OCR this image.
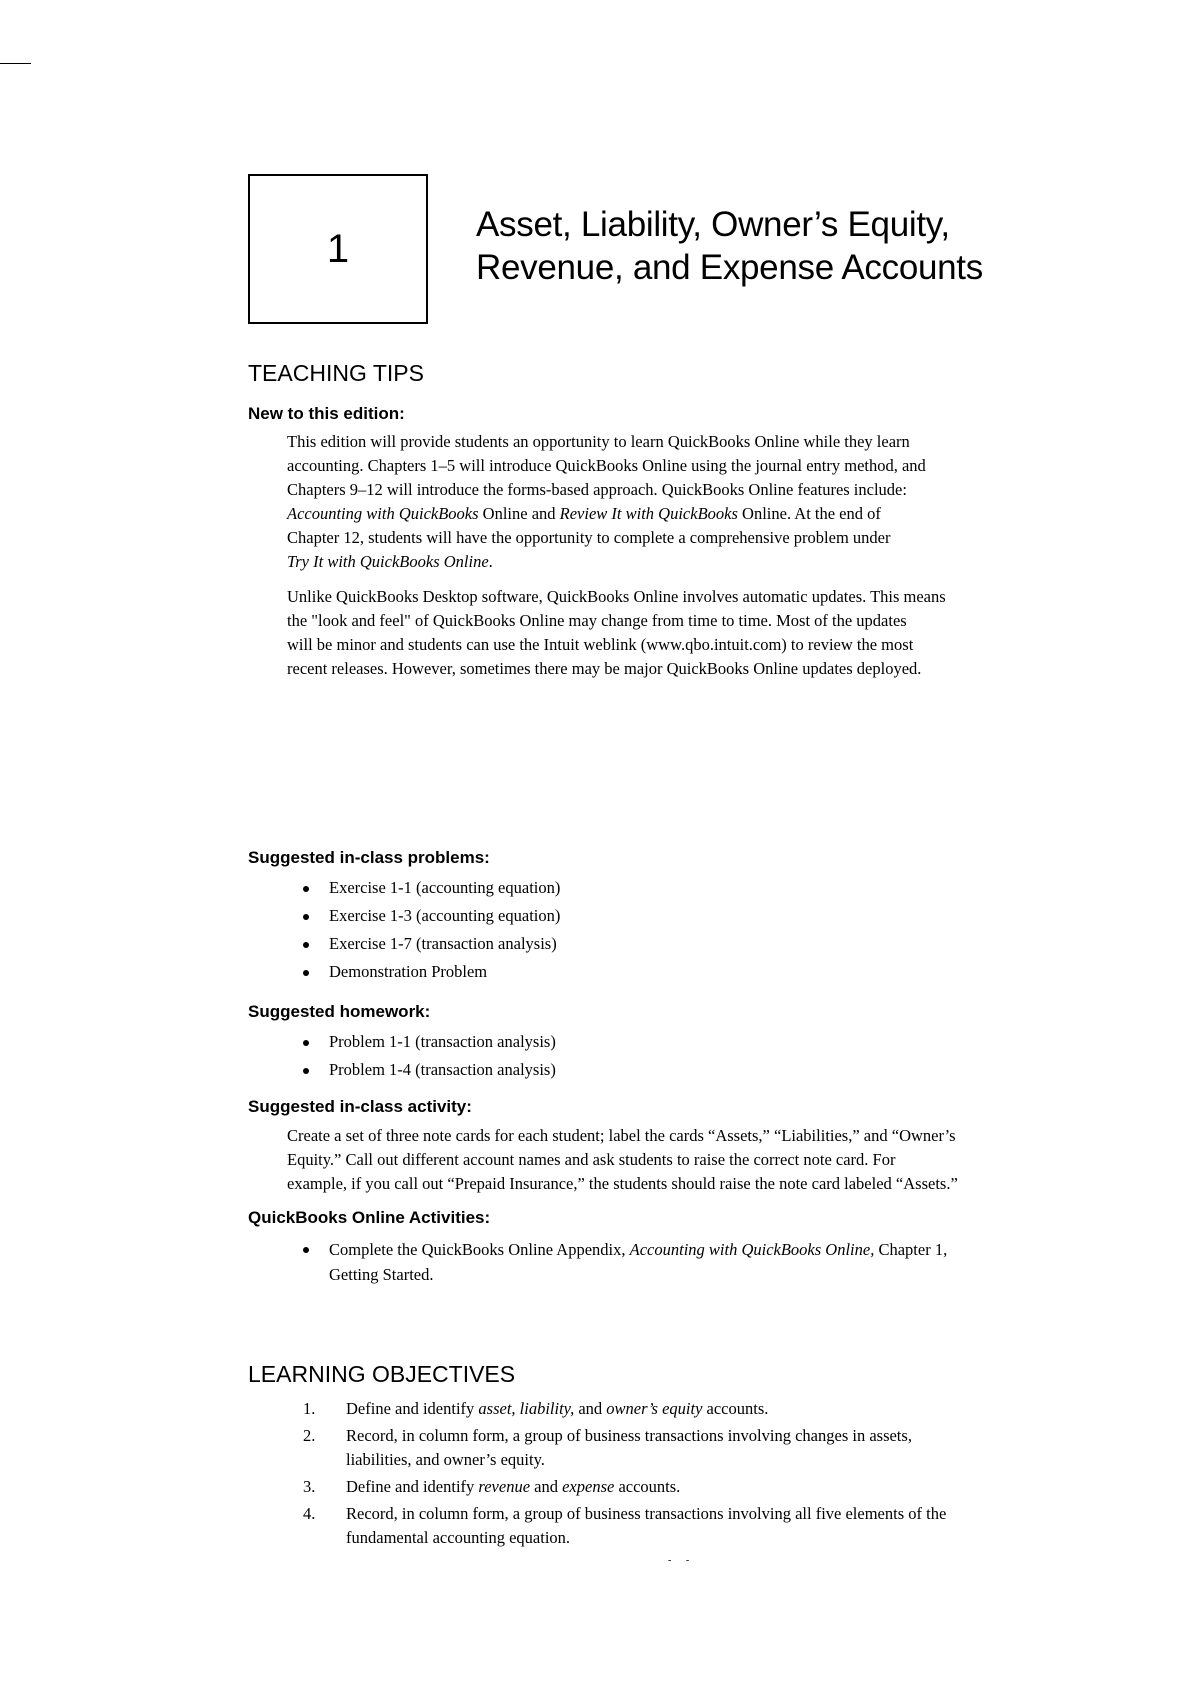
1
Asset, Liability, Owner’s Equity,
Revenue, and Expense Accounts
TEACHING TIPS
New to this edition:
This edition will provide students an opportunity to learn QuickBooks Online while they learn
accounting. Chapters 1–5 will introduce QuickBooks Online using the journal entry method, and
Chapters 9–12 will introduce the forms-based approach. QuickBooks Online features include:
Accounting with QuickBooks Online and Review It with QuickBooks Online. At the end of
Chapter 12, students will have the opportunity to complete a comprehensive problem under
Try It with QuickBooks Online.
Unlike QuickBooks Desktop software, QuickBooks Online involves automatic updates. This means
the "look and feel" of QuickBooks Online may change from time to time. Most of the updates
will be minor and students can use the Intuit weblink (www.qbo.intuit.com) to review the most
recent releases. However, sometimes there may be major QuickBooks Online updates deployed.
Suggested in-class problems:
Exercise 1-1 (accounting equation)
Exercise 1-3 (accounting equation)
Exercise 1-7 (transaction analysis)
Demonstration Problem
Suggested homework:
Problem 1-1 (transaction analysis)
Problem 1-4 (transaction analysis)
Suggested in-class activity:
Create a set of three note cards for each student; label the cards “Assets,” “Liabilities,” and “Owner’s
Equity.” Call out different account names and ask students to raise the correct note card. For
example, if you call out “Prepaid Insurance,” the students should raise the note card labeled “Assets.”
QuickBooks Online Activities:
Complete the QuickBooks Online Appendix, Accounting with QuickBooks Online, Chapter 1,
Getting Started.
LEARNING OBJECTIVES
1. Define and identify asset, liability, and owner’s equity accounts.
2. Record, in column form, a group of business transactions involving changes in assets,
liabilities, and owner’s equity.
3. Define and identify revenue and expense accounts.
4. Record, in column form, a group of business transactions involving all five elements of the
fundamental accounting equation.
- -
